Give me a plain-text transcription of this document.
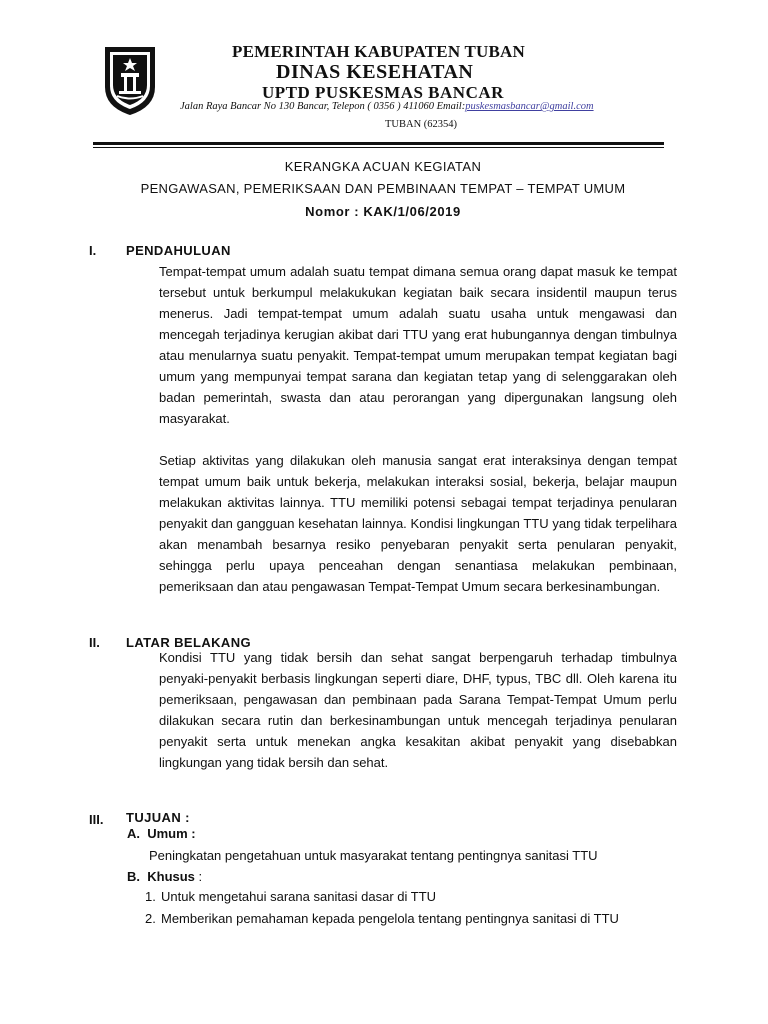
PEMERINTAH KABUPATEN TUBAN
DINAS KESEHATAN
UPTD PUSKESMAS BANCAR
Jalan Raya Bancar No 130 Bancar, Telepon ( 0356 ) 411060 Email:puskesmasbancar@gmail.com
TUBAN (62354)
KERANGKA ACUAN KEGIATAN
PENGAWASAN, PEMERIKSAAN DAN PEMBINAAN TEMPAT – TEMPAT UMUM
Nomor : KAK/1/06/2019
I. PENDAHULUAN

Tempat-tempat umum adalah suatu tempat dimana semua orang dapat masuk ke tempat tersebut untuk berkumpul melakukukan kegiatan baik secara insidentil maupun terus menerus. Jadi tempat-tempat umum adalah suatu usaha untuk mengawasi dan mencegah terjadinya kerugian akibat dari TTU yang erat hubungannya dengan timbulnya atau menularnya suatu penyakit. Tempat-tempat umum merupakan tempat kegiatan bagi umum yang mempunyai tempat sarana dan kegiatan tetap yang di selenggarakan oleh badan pemerintah, swasta dan atau perorangan yang dipergunakan langsung oleh masyarakat.

Setiap aktivitas yang dilakukan oleh manusia sangat erat interaksinya dengan tempat tempat umum baik untuk bekerja, melakukan interaksi sosial, bekerja, belajar maupun melakukan aktivitas lainnya. TTU memiliki potensi sebagai tempat terjadinya penularan penyakit dan gangguan kesehatan lainnya. Kondisi lingkungan TTU yang tidak terpelihara akan menambah besarnya resiko penyebaran penyakit serta penularan penyakit, sehingga perlu upaya penceahan dengan senantiasa melakukan pembinaan, pemeriksaan dan atau pengawasan Tempat-Tempat Umum secara berkesinambungan.

II. LATAR BELAKANG

Kondisi TTU yang tidak bersih dan sehat sangat berpengaruh terhadap timbulnya penyaki-penyakit berbasis lingkungan seperti diare, DHF, typus, TBC dll. Oleh karena itu pemeriksaan, pengawasan dan pembinaan pada Sarana Tempat-Tempat Umum perlu dilakukan secara rutin dan berkesinambungan untuk mencegah terjadinya penularan penyakit serta untuk menekan angka kesakitan akibat penyakit yang disebabkan lingkungan yang tidak bersih dan sehat.

III. TUJUAN :
A. Umum :
Peningkatan pengetahuan untuk masyarakat tentang pentingnya sanitasi TTU
B. Khusus :
1. Untuk mengetahui sarana sanitasi dasar di TTU
2. Memberikan pemahaman kepada pengelola tentang pentingnya sanitasi di TTU
